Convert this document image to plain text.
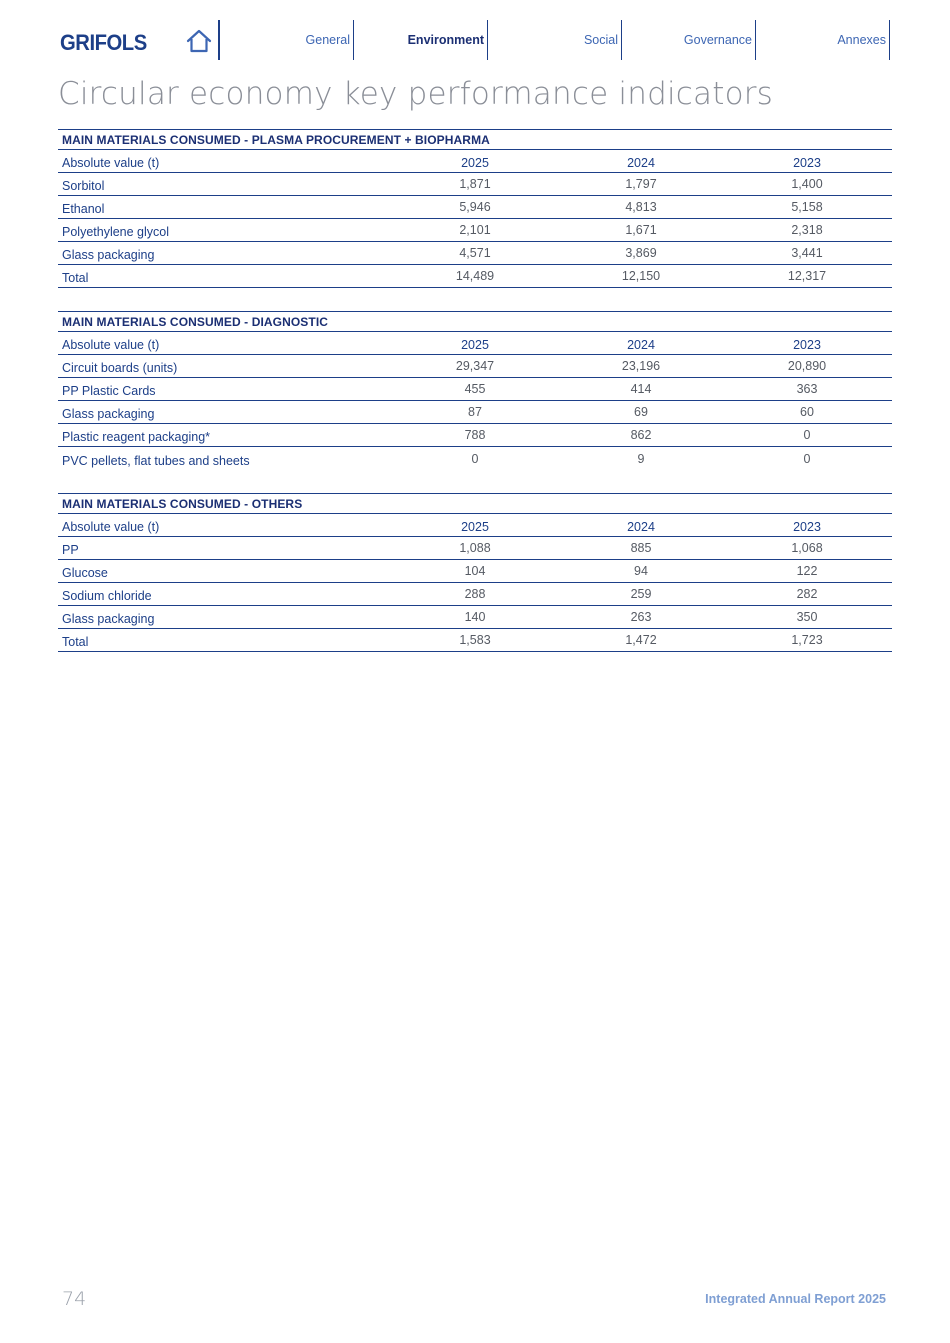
GRIFOLS	General	Environment	Social	Governance	Annexes
Circular economy key performance indicators
MAIN MATERIALS CONSUMED - PLASMA PROCUREMENT + BIOPHARMA
Absolute value (t)	2025	2024	2023
Sorbitol	1,871	1,797	1,400
Ethanol	5,946	4,813	5,158
Polyethylene glycol	2,101	1,671	2,318
Glass packaging	4,571	3,869	3,441
Total	14,489	12,150	12,317
MAIN MATERIALS CONSUMED - DIAGNOSTIC
Absolute value (t)	2025	2024	2023
Circuit boards (units)	29,347	23,196	20,890
PP Plastic Cards	455	414	363
Glass packaging	87	69	60
Plastic reagent packaging*	788	862	0
PVC pellets, flat tubes and sheets	0	9	0
MAIN MATERIALS CONSUMED - OTHERS
Absolute value (t)	2025	2024	2023
PP	1,088	885	1,068
Glucose	104	94	122
Sodium chloride	288	259	282
Glass packaging	140	263	350
Total	1,583	1,472	1,723
74	Integrated Annual Report 2025
